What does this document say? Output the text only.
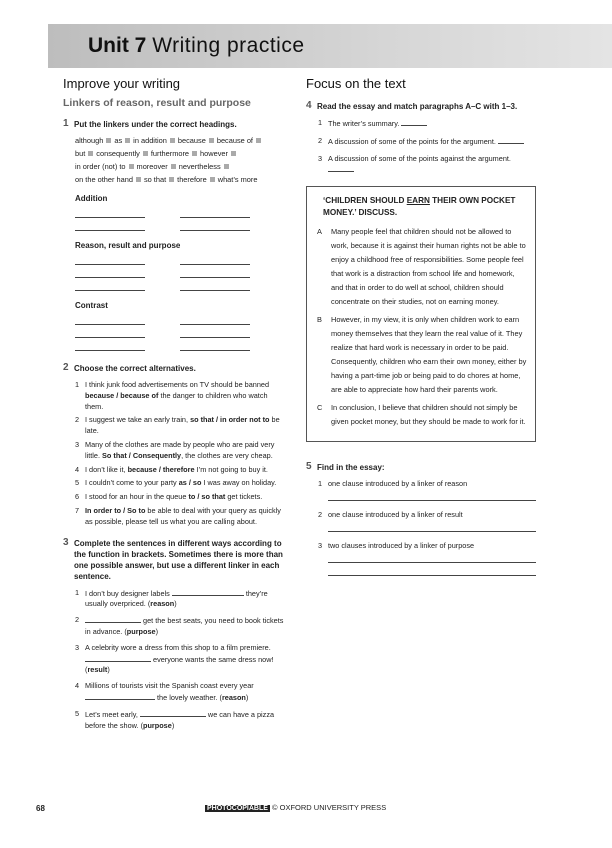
Unit 7 Writing practice
Improve your writing
Linkers of reason, result and purpose
1 Put the linkers under the correct headings.
although as in addition because because of
but consequently furthermore however
in order (not) to moreover nevertheless
on the other hand so that therefore what’s more
Addition
Reason, result and purpose
Contrast
2 Choose the correct alternatives.
1 I think junk food advertisements on TV should be banned because / because of the danger to children who watch them.
2 I suggest we take an early train, so that / in order not to be late.
3 Many of the clothes are made by people who are paid very little. So that / Consequently, the clothes are very cheap.
4 I don’t like it, because / therefore I’m not going to buy it.
5 I couldn’t come to your party as / so I was away on holiday.
6 I stood for an hour in the queue to / so that get tickets.
7 In order to / So to be able to deal with your query as quickly as possible, please tell us what you are calling about.
3 Complete the sentences in different ways according to the function in brackets. Sometimes there is more than one possible answer, but use a different linker in each sentence.
1 I don’t buy designer labels	they’re usually overpriced. (reason)
2	get the best seats, you need to book tickets in advance. (purpose)
3 A celebrity wore a dress from this shop to a film premiere.  everyone wants the same dress now! (result)
4 Millions of tourists visit the Spanish coast every year  the lovely weather. (reason)
5 Let’s meet early,	we can have a pizza before the show. (purpose)
Focus on the text
4 Read the essay and match paragraphs A–C with 1–3.
1 The writer’s summary.
2 A discussion of some of the points for the argument.
3 A discussion of some of the points against the argument.
‘CHILDREN SHOULD EARN THEIR OWN POCKET MONEY.’ DISCUSS.
A Many people feel that children should not be allowed to work, because it is against their human rights not be able to enjoy a childhood free of responsibilities. Some people feel that work is a distraction from school life and homework, and that in order to do well at school, children should concentrate on their studies, not on earning money.
B However, in my view, it is only when children work to earn money themselves that they learn the real value of it. They realize that hard work is necessary in order to be paid. Consequently, children who earn their own money, either by having a part-time job or being paid to do chores at home, are able to appreciate how hard their parents work.
C In conclusion, I believe that children should not simply be given pocket money, but they should be made to work for it.
5 Find in the essay:
1 one clause introduced by a linker of reason
2 one clause introduced by a linker of result
3 two clauses introduced by a linker of purpose
68	PHOTOCOPIABLE © OXFORD UNIVERSITY PRESS
